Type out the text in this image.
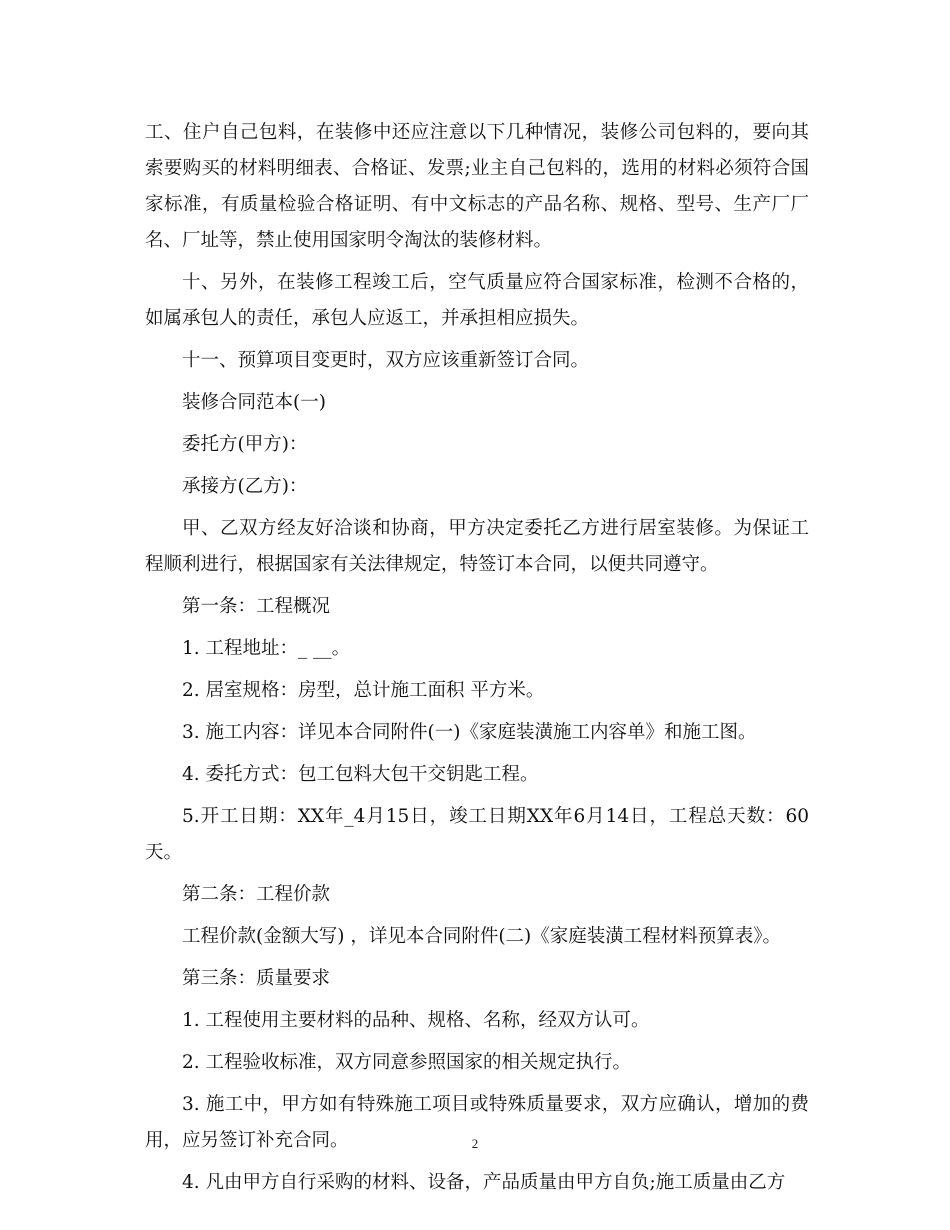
工、住户自己包料，在装修中还应注意以下几种情况，装修公司包料的，要向其索要购买的材料明细表、合格证、发票;业主自己包料的，选用的材料必须符合国家标准，有质量检验合格证明、有中文标志的产品名称、规格、型号、生产厂厂名、厂址等，禁止使用国家明令淘汰的装修材料。

十、另外，在装修工程竣工后，空气质量应符合国家标准，检测不合格的，如属承包人的责任，承包人应返工，并承担相应损失。

十一、预算项目变更时，双方应该重新签订合同。

装修合同范本(一)

委托方(甲方)：

承接方(乙方)：

甲、乙双方经友好洽谈和协商，甲方决定委托乙方进行居室装修。为保证工程顺利进行，根据国家有关法律规定，特签订本合同，以便共同遵守。

第一条：工程概况

1. 工程地址：_ __。

2. 居室规格：房型，总计施工面积 平方米。

3. 施工内容：详见本合同附件(一)《家庭装潢施工内容单》和施工图。

4. 委托方式：包工包料大包干交钥匙工程。

5.开工日期：XX年_4月15日，竣工日期XX年6月14日，工程总天数：60天。

第二条：工程价款

工程价款(金额大写) ，详见本合同附件(二)《家庭装潢工程材料预算表》。

第三条：质量要求

1. 工程使用主要材料的品种、规格、名称，经双方认可。

2. 工程验收标准，双方同意参照国家的相关规定执行。

3. 施工中，甲方如有特殊施工项目或特殊质量要求，双方应确认，增加的费用，应另签订补充合同。

4. 凡由甲方自行采购的材料、设备，产品质量由甲方自负;施工质量由乙方

2
